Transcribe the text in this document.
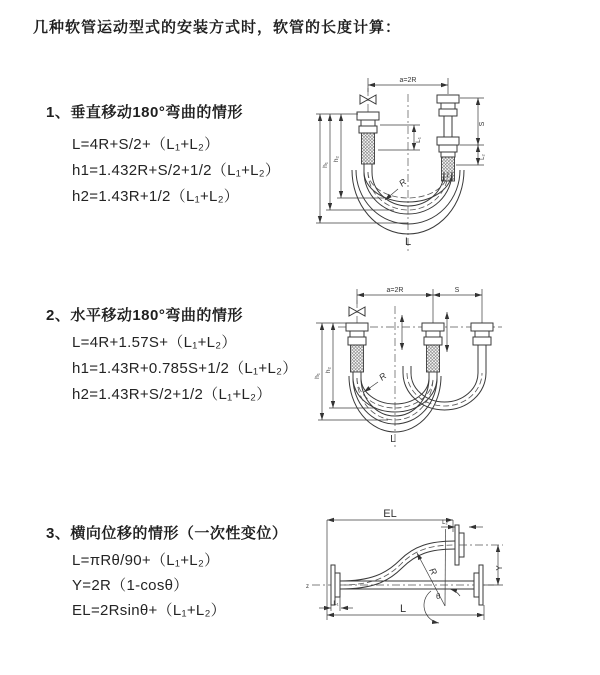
几种软管运动型式的安装方式时，软管的长度计算：
1、垂直移动180°弯曲的情形
L=4R+S/2+（L₁+L₂）
h1=1.432R+S/2+1/2（L₁+L₂）
h2=1.43R+1/2（L₁+L₂）
a=2R
h₂
h₁
L₁
S
L₂
R
L
2、水平移动180°弯曲的情形
L=4R+1.57S+（L₁+L₂）
h1=1.43R+0.785S+1/2（L₁+L₂）
h2=1.43R+S/2+1/2（L₁+L₂）
a=2R	S
h₂
h₁	R
L
3、横向位移的情形（一次性变位）
L=πRθ/90+（L₁+L₂）
Y=2R（1-cosθ）
EL=2Rsinθ+（L₁+L₂）
z
EL
L₂
R
θ
Y
L₁	L
